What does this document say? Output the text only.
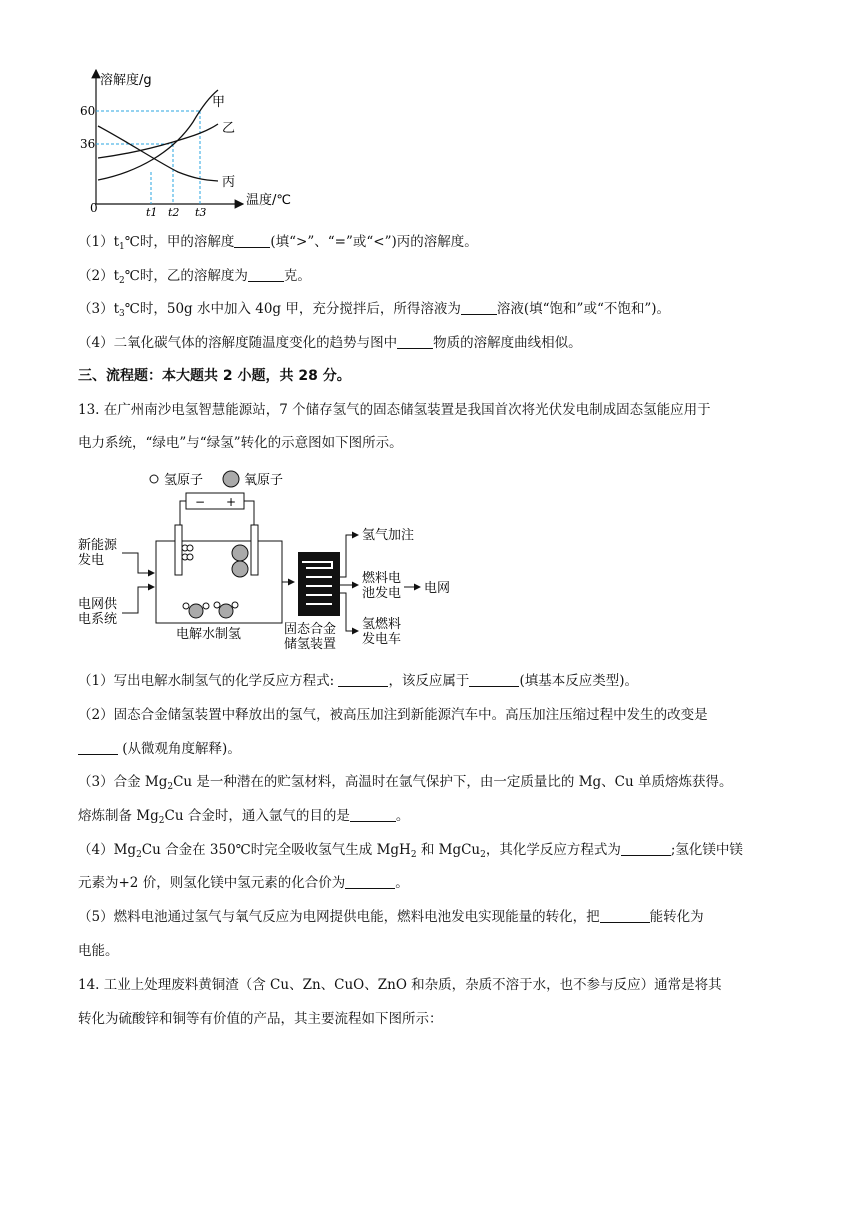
溶解度/g
温度/℃
0
60
36
甲
乙
丙
t1 t2 t3
$(1)t_1℃$时，甲的溶解度	(填“>”、“=”或“<”)丙的溶解度。
$(2)t_2℃$时，乙的溶解度为	克。
$(3)t_3℃$时，50g 水中加入 40g 甲，充分搅拌后，所得溶液为	溶液(填“饱和”或“不饱和”)。
（4）二氧化碳气体的溶解度随温度变化的趋势与图中	物质的溶解度曲线相似。
三、流程题：本大题共 2 小题，共 28 分。
13. 在广州南沙电氢智慧能源站，7 个储存氢气的固态储氢装置是我国首次将光伏发电制成固态氢能应用于
电力系统，“绿电”与“绿氢”转化的示意图如下图所示。
氢原子	氧原子
− +
电解水制氢
新能源
发电
电网供
电系统
固态合金
储氢装置
氢气加注
燃料电
池发电 电网
氢燃料
发电车
（1）写出电解水制氢气的化学反应方程式:	，该反应属于	(填基本反应类型)。
（2）固态合金储氢装置中释放出的氢气，被高压加注到新能源汽车中。高压加注压缩过程中发生的改变是
(从微观角度解释)。
（3）合金 $Mg_2Cu$ 是一种潜在的贮氢材料，高温时在氩气保护下，由一定质量比的 Mg、Cu 单质熔炼获得。
熔炼制备 $Mg_2Cu$ 合金时，通入氩气的目的是	。
$(4)Mg_2Cu$ 合金在 350℃时完全吸收氢气生成 MgH$_2$ 和 MgCu$_2$，其化学反应方程式为	;氢化镁中镁
元素为+2 价，则氢化镁中氢元素的化合价为	。
（5）燃料电池通过氢气与氧气反应为电网提供电能，燃料电池发电实现能量的转化，把	能转化为
电能。
14. 工业上处理废料黄铜渣（含 Cu、Zn、CuO、ZnO 和杂质，杂质不溶于水，也不参与反应）通常是将其
转化为硫酸锌和铜等有价值的产品，其主要流程如下图所示：
